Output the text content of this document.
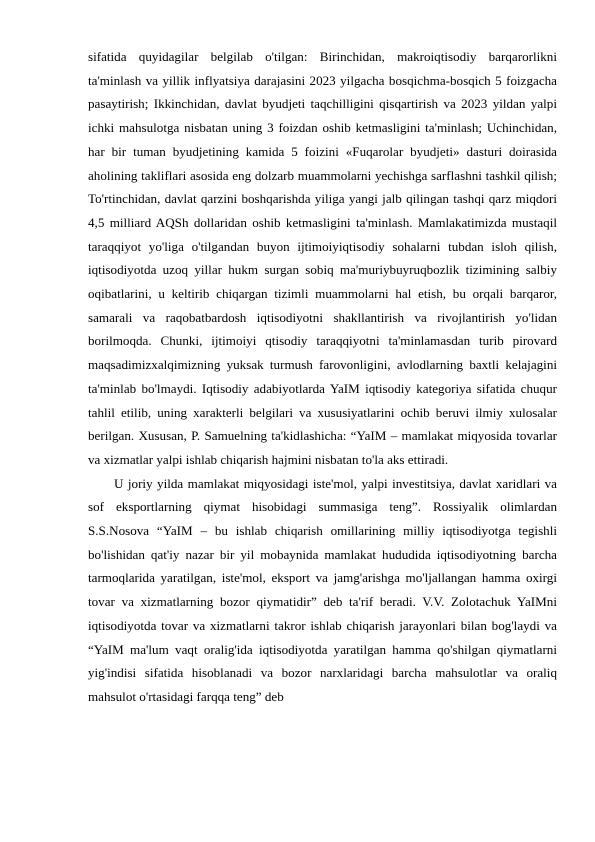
sifatida quyidagilar belgilab o'tilgan: Birinchidan, makroiqtisodiy barqarorlikni ta'minlash va yillik inflyatsiya darajasini 2023 yilgacha bosqichma-bosqich 5 foizgacha pasaytirish; Ikkinchidan, davlat byudjeti taqchilligini qisqartirish va 2023 yildan yalpi ichki mahsulotga nisbatan uning 3 foizdan oshib ketmasligini ta'minlash; Uchinchidan, har bir tuman byudjetining kamida 5 foizini «Fuqarolar byudjeti» dasturi doirasida aholining takliflari asosida eng dolzarb muammolarni yechishga sarflashni tashkil qilish; To'rtinchidan, davlat qarzini boshqarishda yiliga yangi jalb qilingan tashqi qarz miqdori 4,5 milliard AQSh dollaridan oshib ketmasligini ta'minlash. Mamlakatimizda mustaqil taraqqiyot yo'liga o'tilgandan buyon ijtimoiyiqtisodiy sohalarni tubdan isloh qilish, iqtisodiyotda uzoq yillar hukm surgan sobiq ma'muriybuyruqbozlik tizimining salbiy oqibatlarini, u keltirib chiqargan tizimli muammolarni hal etish, bu orqali barqaror, samarali va raqobatbardosh iqtisodiyotni shakllantirish va rivojlantirish yo'lidan borilmoqda. Chunki, ijtimoiyi qtisodiy taraqqiyotni ta'minlamasdan turib pirovard maqsadimizxalqimizning yuksak turmush farovonligini, avlodlarning baxtli kelajagini ta'minlab bo'lmaydi. Iqtisodiy adabiyotlarda YaIM iqtisodiy kategoriya sifatida chuqur tahlil etilib, uning xarakterli belgilari va xususiyatlarini ochib beruvi ilmiy xulosalar berilgan. Xususan, P. Samuelning ta'kidlashicha: “YaIM – mamlakat miqyosida tovarlar va xizmatlar yalpi ishlab chiqarish hajmini nisbatan to'la aks ettiradi.

U joriy yilda mamlakat miqyosidagi iste'mol, yalpi investitsiya, davlat xaridlari va sof eksportlarning qiymat hisobidagi summasiga teng”. Rossiyalik olimlardan S.S.Nosova “YaIM – bu ishlab chiqarish omillarining milliy iqtisodiyotga tegishli bo'lishidan qat'iy nazar bir yil mobaynida mamlakat hududida iqtisodiyotning barcha tarmoqlarida yaratilgan, iste'mol, eksport va jamg'arishga mo'ljallangan hamma oxirgi tovar va xizmatlarning bozor qiymatidir” deb ta'rif beradi. V.V. Zolotachuk YaIMni iqtisodiyotda tovar va xizmatlarni takror ishlab chiqarish jarayonlari bilan bog'laydi va “YaIM ma'lum vaqt oralig'ida iqtisodiyotda yaratilgan hamma qo'shilgan qiymatlarni yig'indisi sifatida hisoblanadi va bozor narxlaridagi barcha mahsulotlar va oraliq mahsulot o'rtasidagi farqqa teng” deb
